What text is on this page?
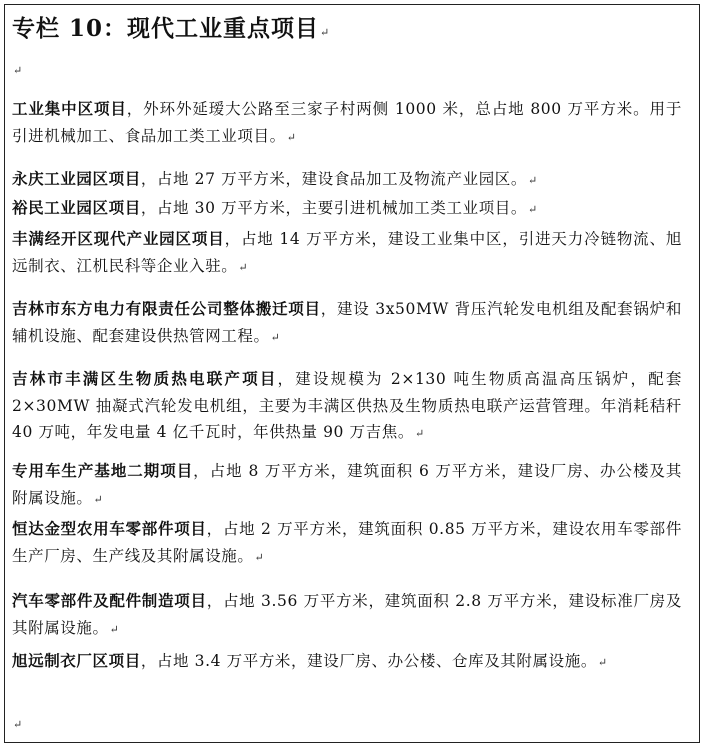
专栏 10：现代工业重点项目↵
↵
工业集中区项目，外环外延瑷大公路至三家子村两侧 1000 米，总占地 800 万平方米。用于引进机械加工、食品加工类工业项目。↵
永庆工业园区项目，占地 27 万平方米，建设食品加工及物流产业园区。↵
裕民工业园区项目，占地 30 万平方米，主要引进机械加工类工业项目。↵
丰满经开区现代产业园区项目，占地 14 万平方米，建设工业集中区，引进天力冷链物流、旭远制衣、江机民科等企业入驻。↵
吉林市东方电力有限责任公司整体搬迁项目，建设 3x50MW 背压汽轮发电机组及配套锅炉和辅机设施、配套建设供热管网工程。↵
吉林市丰满区生物质热电联产项目，建设规模为 2×130 吨生物质高温高压锅炉，配套 2×30MW 抽凝式汽轮发电机组，主要为丰满区供热及生物质热电联产运营管理。年消耗秸秆 40 万吨，年发电量 4 亿千瓦时，年供热量 90 万吉焦。↵
专用车生产基地二期项目，占地 8 万平方米，建筑面积 6 万平方米，建设厂房、办公楼及其附属设施。↵
恒达金型农用车零部件项目，占地 2 万平方米，建筑面积 0.85 万平方米，建设农用车零部件生产厂房、生产线及其附属设施。↵
汽车零部件及配件制造项目，占地 3.56 万平方米，建筑面积 2.8 万平方米，建设标准厂房及其附属设施。↵
旭远制衣厂区项目，占地 3.4 万平方米，建设厂房、办公楼、仓库及其附属设施。↵
↵
